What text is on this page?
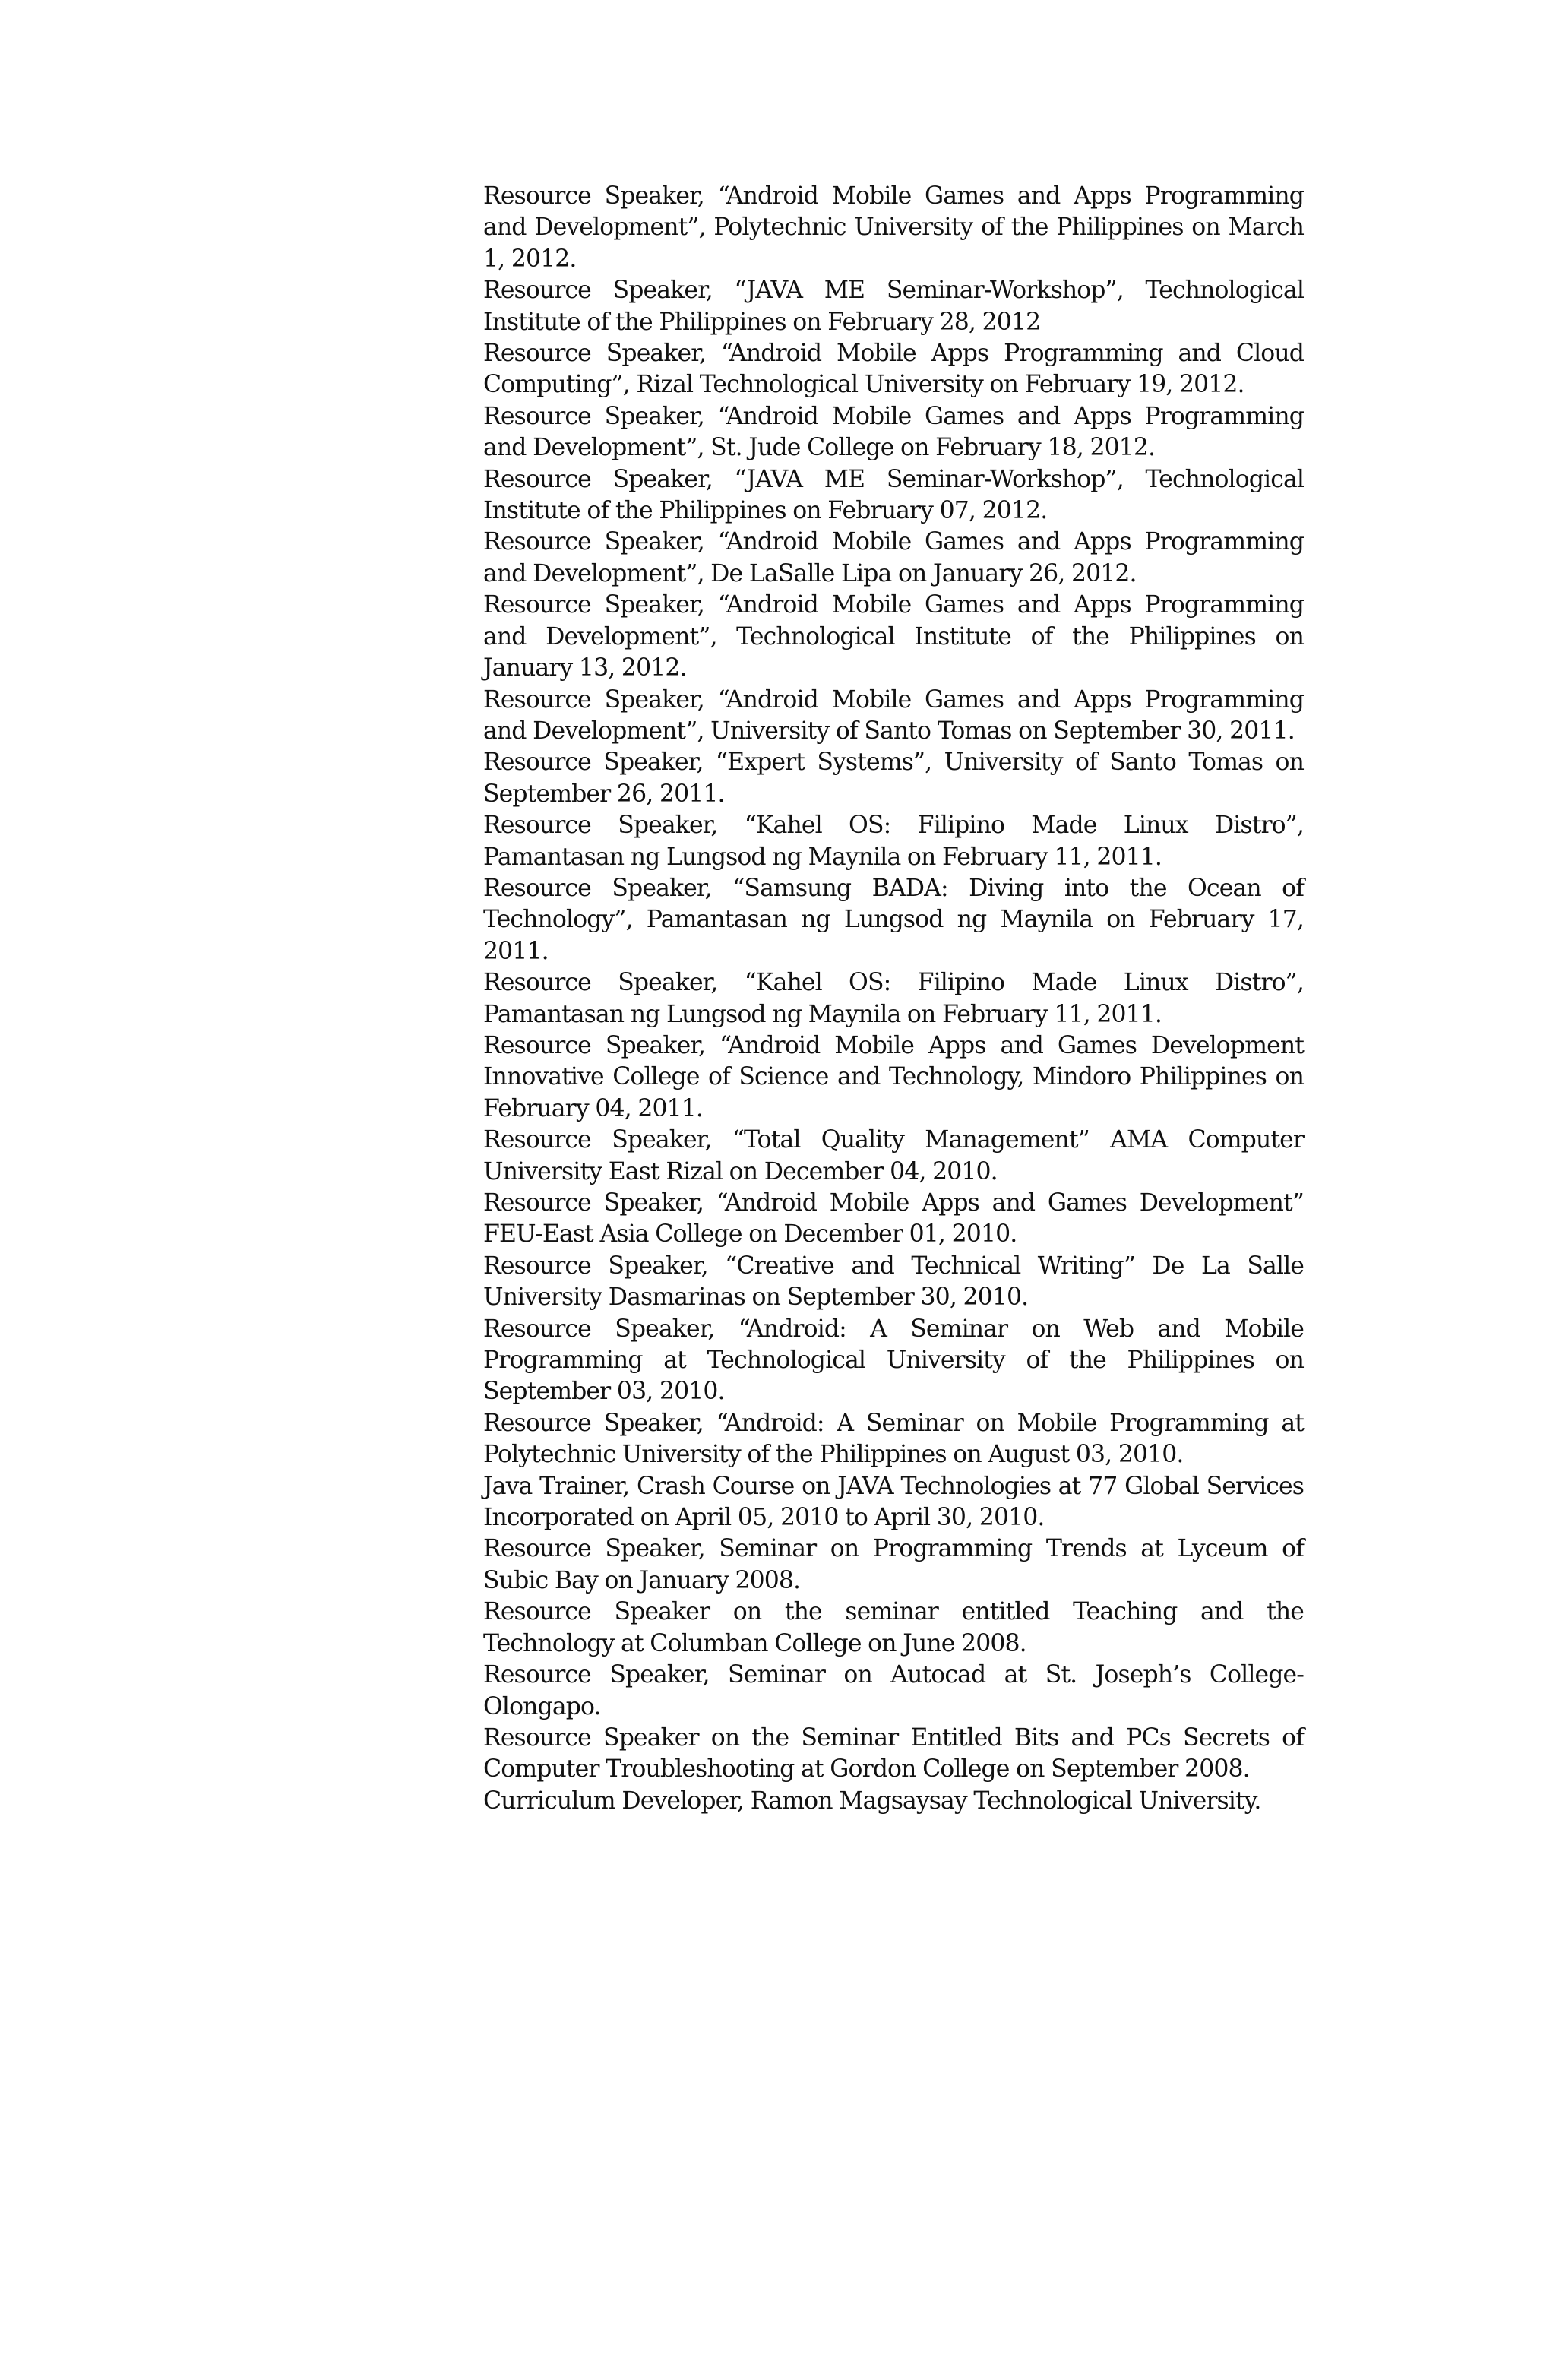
Resource Speaker, “Android Mobile Games and Apps Programming and Development”, Polytechnic University of the Philippines on March 1, 2012.
Resource Speaker, “JAVA ME Seminar-Workshop”, Technological Institute of the Philippines on February 28, 2012
Resource Speaker, “Android Mobile Apps Programming and Cloud Computing”, Rizal Technological University on February 19, 2012.
Resource Speaker, “Android Mobile Games and Apps Programming and Development”, St. Jude College on February 18, 2012.
Resource Speaker, “JAVA ME Seminar-Workshop”, Technological Institute of the Philippines on February 07, 2012.
Resource Speaker, “Android Mobile Games and Apps Programming and Development”, De LaSalle Lipa on January 26, 2012.
Resource Speaker, “Android Mobile Games and Apps Programming and Development”, Technological Institute of the Philippines on January 13, 2012.
Resource Speaker, “Android Mobile Games and Apps Programming and Development”, University of Santo Tomas on September 30, 2011.
Resource Speaker, “Expert Systems”, University of Santo Tomas on September 26, 2011.
Resource Speaker, “Kahel OS: Filipino Made Linux Distro”, Pamantasan ng Lungsod ng Maynila on February 11, 2011.
Resource Speaker, “Samsung BADA: Diving into the Ocean of Technology”, Pamantasan ng Lungsod ng Maynila on February 17, 2011.
Resource Speaker, “Kahel OS: Filipino Made Linux Distro”, Pamantasan ng Lungsod ng Maynila on February 11, 2011.
Resource Speaker, “Android Mobile Apps and Games Development Innovative College of Science and Technology, Mindoro Philippines on February 04, 2011.
Resource Speaker, “Total Quality Management” AMA Computer University East Rizal on December 04, 2010.
Resource Speaker, “Android Mobile Apps and Games Development” FEU-East Asia College on December 01, 2010.
Resource Speaker, “Creative and Technical Writing” De La Salle University Dasmarinas on September 30, 2010.
Resource Speaker, “Android: A Seminar on Web and Mobile Programming at Technological University of the Philippines on September 03, 2010.
Resource Speaker, “Android: A Seminar on Mobile Programming at Polytechnic University of the Philippines on August 03, 2010.
Java Trainer, Crash Course on JAVA Technologies at 77 Global Services Incorporated on April 05, 2010 to April 30, 2010.
Resource Speaker, Seminar on Programming Trends at Lyceum of Subic Bay on January 2008.
Resource Speaker on the seminar entitled Teaching and the Technology at Columban College on June 2008.
Resource Speaker, Seminar on Autocad at St. Joseph’s College-Olongapo.
Resource Speaker on the Seminar Entitled Bits and PCs Secrets of Computer Troubleshooting at Gordon College on September 2008.
Curriculum Developer, Ramon Magsaysay Technological University.
